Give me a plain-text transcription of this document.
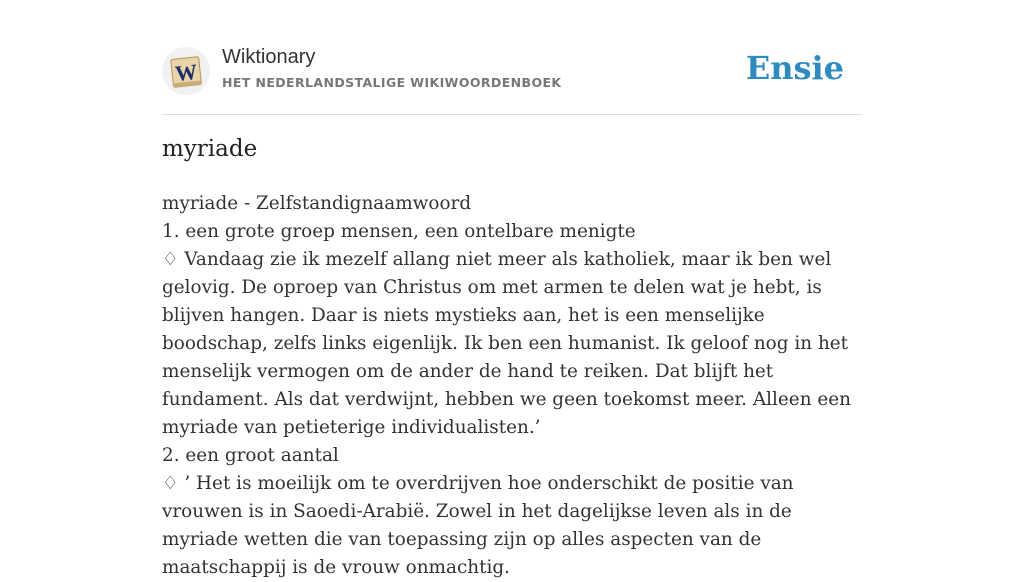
W
Wiktionary
HET NEDERLANDSTALIGE WIKIWOORDENBOEK	Ensie
myriade
myriade - Zelfstandignaamwoord
1. een grote groep mensen, een ontelbare menigte
♢ Vandaag zie ik mezelf allang niet meer als katholiek, maar ik ben wel gelovig. De oproep van Christus om met armen te delen wat je hebt, is blijven hangen. Daar is niets mystieks aan, het is een menselijke boodschap, zelfs links eigenlijk. Ik ben een humanist. Ik geloof nog in het menselijk vermogen om de ander de hand te reiken. Dat blijft het fundament. Als dat verdwijnt, hebben we geen toekomst meer. Alleen een myriade van petieterige individualisten.’
2. een groot aantal
♢ ’ Het is moeilijk om te overdrijven hoe onderschikt de positie van vrouwen is in Saoedi-Arabië. Zowel in het dagelijkse leven als in de myriade wetten die van toepassing zijn op alles aspecten van de maatschappij is de vrouw onmachtig.
